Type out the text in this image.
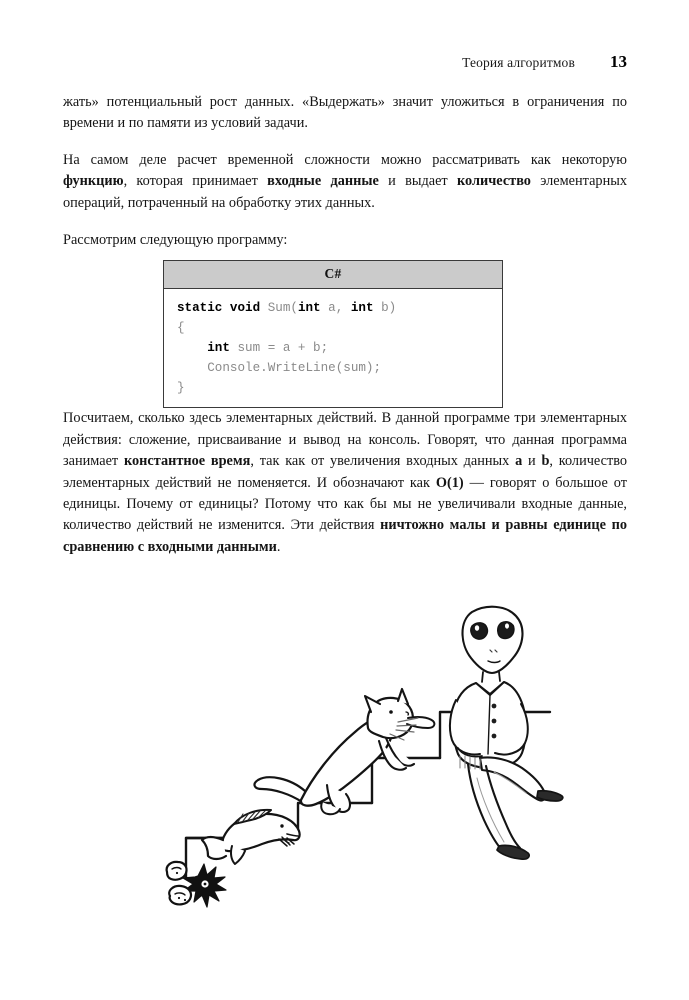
Теория алгоритмов 13

жать» потенциальный рост данных. «Выдержать» значит уложиться в ограничения по времени и по памяти из условий задачи.

На самом деле расчет временной сложности можно рассматривать как некоторую функцию, которая принимает входные данные и выдает количество элементарных операций, потраченный на обработку этих данных.

Рассмотрим следующую программу:

Посчитаем, сколько здесь элементарных действий. В данной программе три элементарных действия: сложение, присваивание и вывод на консоль. Говорят, что данная программа занимает константное время, так как от увеличения входных данных a и b, количество элементарных действий не поменяется. И обозначают как O(1) — говорят о большое от единицы. Почему от единицы? Потому что как бы мы не увеличивали входные данные, количество действий не изменится. Эти действия ничтожно малы и равны единице по сравнению с входными данными.

C#
static void Sum(int a, int b)
{
int sum = a + b;
Console.WriteLine(sum);
}
